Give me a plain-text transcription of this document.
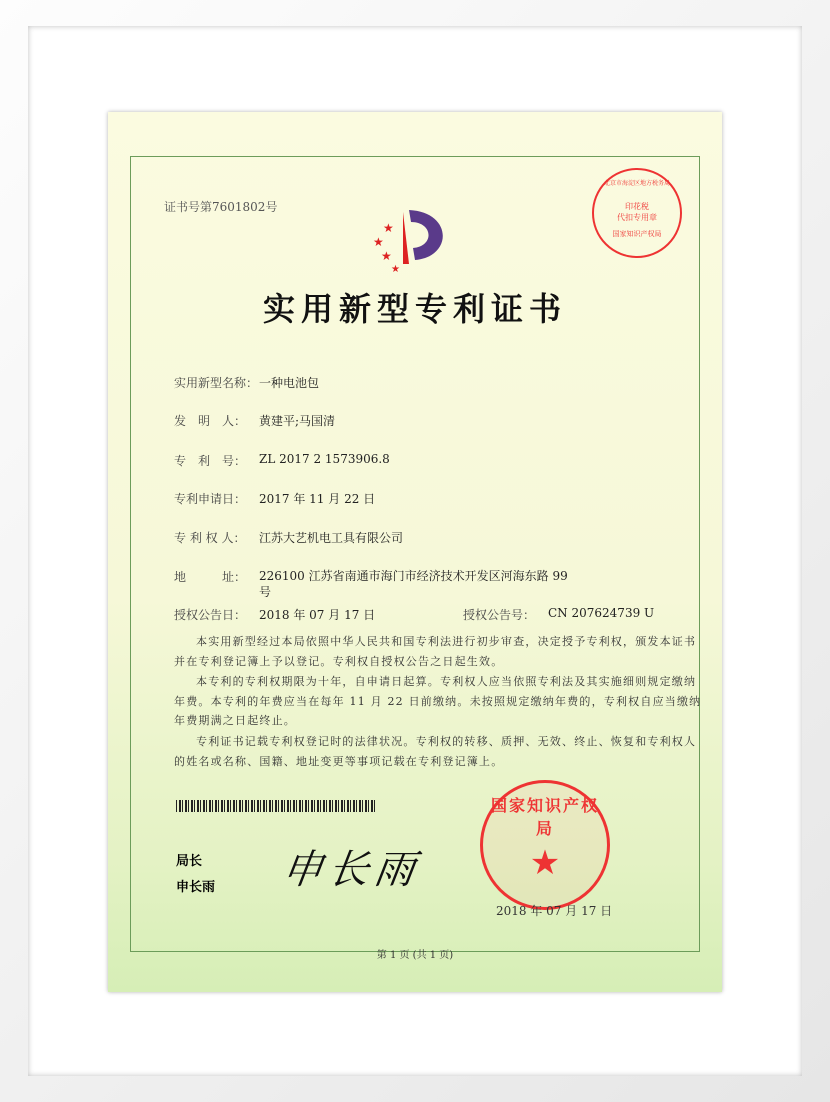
证书号第7601802号
★
★
★
★
实用新型专利证书
北京市海淀区地方税务局
印花税
代扣专用章
国家知识产权局
实用新型名称： 一种电池包
发　明　人： 黄建平;马国清
专　利　号： ZL 2017 2 1573906.8
专利申请日： 2017 年 11 月 22 日
专 利 权 人： 江苏大艺机电工具有限公司
地　　　址： 226100 江苏省南通市海门市经济技术开发区河海东路 99 号
授权公告日： 2018 年 07 月 17 日	授权公告号： CN 207624739 U
本实用新型经过本局依照中华人民共和国专利法进行初步审查，决定授予专利权，颁发本证书并在专利登记簿上予以登记。专利权自授权公告之日起生效。
本专利的专利权期限为十年，自申请日起算。专利权人应当依照专利法及其实施细则规定缴纳年费。本专利的年费应当在每年 11 月 22 日前缴纳。未按照规定缴纳年费的，专利权自应当缴纳年费期满之日起终止。
专利证书记载专利权登记时的法律状况。专利权的转移、质押、无效、终止、恢复和专利权人的姓名或名称、国籍、地址变更等事项记载在专利登记簿上。
局长
申长雨 申长雨
国家知识产权局
★
2018 年 07 月 17 日
第 1 页 (共 1 页)
